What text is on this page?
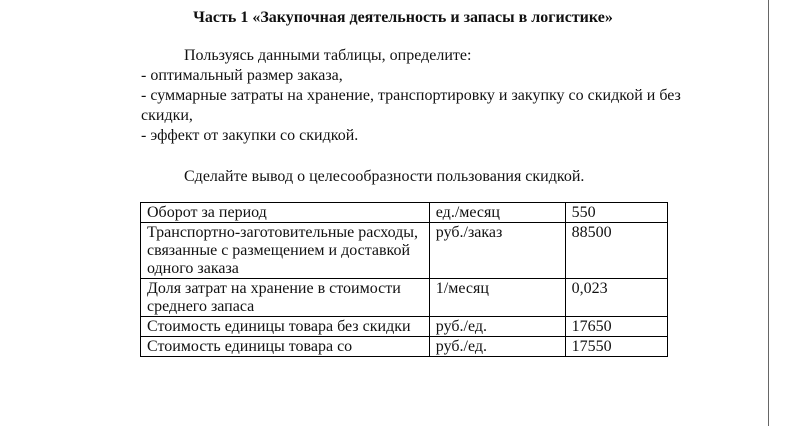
Часть 1 «Закупочная деятельность и запасы в логистике»
Пользуясь данными таблицы, определите:
- оптимальный размер заказа,
- суммарные затраты на хранение, транспортировку и закупку со скидкой и без
скидки,
- эффект от закупки со скидкой.
Сделайте вывод о целесообразности пользования скидкой.
Оборот за период	ед./месяц	550
Транспортно-заготовительные расходы, связанные с размещением и доставкой одного заказа	руб./заказ	88500
Доля затрат на хранение в стоимости среднего запаса	1/месяц	0,023
Стоимость единицы товара без скидки	руб./ед.	17650
Стоимость единицы товара со	руб./ед.	17550
